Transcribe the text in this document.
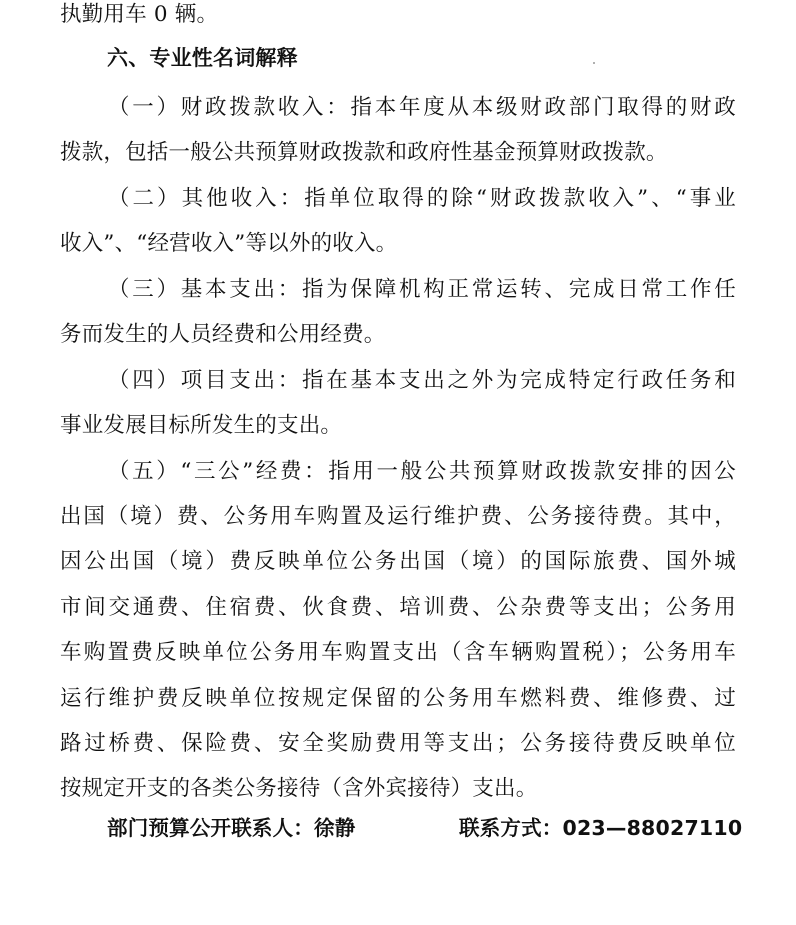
执勤用车 0 辆。
六、专业性名词解释
（一）财政拨款收入：指本年度从本级财政部门取得的财政
拨款，包括一般公共预算财政拨款和政府性基金预算财政拨款。
（二）其他收入：指单位取得的除“财政拨款收入”、“事业
收入”、“经营收入”等以外的收入。
（三）基本支出：指为保障机构正常运转、完成日常工作任
务而发生的人员经费和公用经费。
（四）项目支出：指在基本支出之外为完成特定行政任务和
事业发展目标所发生的支出。
（五）“三公”经费：指用一般公共预算财政拨款安排的因公
出国（境）费、公务用车购置及运行维护费、公务接待费。其中，
因公出国（境）费反映单位公务出国（境）的国际旅费、国外城
市间交通费、住宿费、伙食费、培训费、公杂费等支出；公务用
车购置费反映单位公务用车购置支出（含车辆购置税）；公务用车
运行维护费反映单位按规定保留的公务用车燃料费、维修费、过
路过桥费、保险费、安全奖励费用等支出；公务接待费反映单位
按规定开支的各类公务接待（含外宾接待）支出。
部门预算公开联系人：徐静	联系方式：023—88027110
